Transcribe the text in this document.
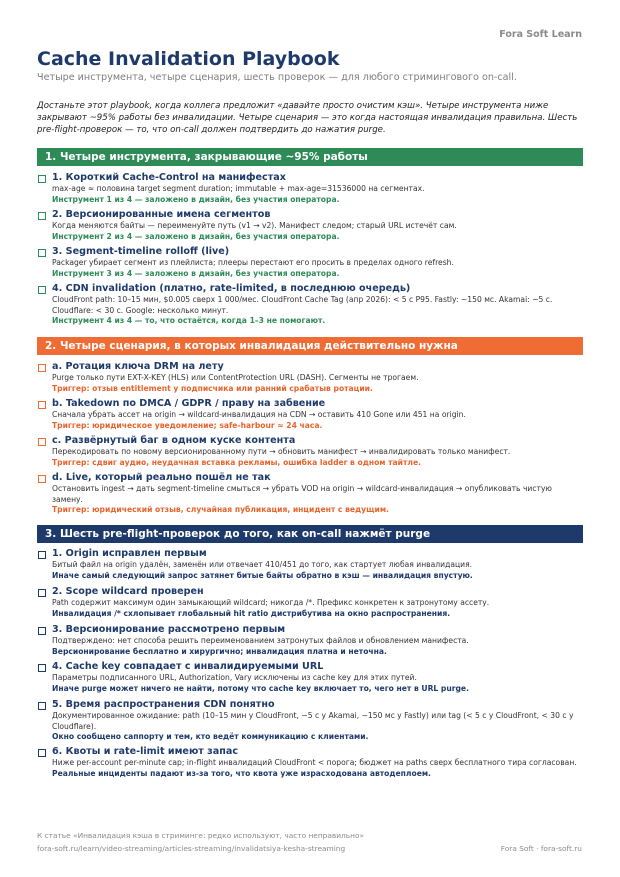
Fora Soft Learn
Cache Invalidation Playbook
Четыре инструмента, четыре сценария, шесть проверок — для любого стримингового on-call.
Достаньте этот playbook, когда коллега предложит «давайте просто очистим кэш». Четыре инструмента ниже закрывают ~95% работы без инвалидации. Четыре сценария — это когда настоящая инвалидация правильна. Шесть pre-flight-проверок — то, что on-call должен подтвердить до нажатия purge.
1. Четыре инструмента, закрывающие ~95% работы
1. Короткий Cache-Control на манифестах
max-age ≈ половина target segment duration; immutable + max-age=31536000 на сегментах.
Инструмент 1 из 4 — заложено в дизайн, без участия оператора.
2. Версионированные имена сегментов
Когда меняются байты — переименуйте путь (v1 → v2). Манифест следом; старый URL истечёт сам.
Инструмент 2 из 4 — заложено в дизайн, без участия оператора.
3. Segment-timeline rolloff (live)
Packager убирает сегмент из плейлиста; плееры перестают его просить в пределах одного refresh.
Инструмент 3 из 4 — заложено в дизайн, без участия оператора.
4. CDN invalidation (платно, rate-limited, в последнюю очередь)
CloudFront path: 10–15 мин, $0.005 сверх 1 000/мес. CloudFront Cache Tag (апр 2026): < 5 с P95. Fastly: ~150 мс. Akamai: ~5 с. Cloudflare: < 30 с. Google: несколько минут.
Инструмент 4 из 4 — то, что остаётся, когда 1–3 не помогают.
2. Четыре сценария, в которых инвалидация действительно нужна
a. Ротация ключа DRM на лету
Purge только пути EXT-X-KEY (HLS) или ContentProtection URL (DASH). Сегменты не трогаем.
Триггер: отзыв entitlement у подписчика или ранний срабатыв ротации.
b. Takedown по DMCA / GDPR / праву на забвение
Сначала убрать ассет на origin → wildcard-инвалидация на CDN → оставить 410 Gone или 451 на origin.
Триггер: юридическое уведомление; safe-harbour ≈ 24 часа.
c. Развёрнутый баг в одном куске контента
Перекодировать по новому версионированному пути → обновить манифест → инвалидировать только манифест.
Триггер: сдвиг аудио, неудачная вставка рекламы, ошибка ladder в одном тайтле.
d. Live, который реально пошёл не так
Остановить ingest → дать segment-timeline смыться → убрать VOD на origin → wildcard-инвалидация → опубликовать чистую замену.
Триггер: юридический отзыв, случайная публикация, инцидент с ведущим.
3. Шесть pre-flight-проверок до того, как on-call нажмёт purge
1. Origin исправлен первым
Битый файл на origin удалён, заменён или отвечает 410/451 до того, как стартует любая инвалидация.
Иначе самый следующий запрос затянет битые байты обратно в кэш — инвалидация впустую.
2. Scope wildcard проверен
Path содержит максимум один замыкающий wildcard; никогда /*. Префикс конкретен к затронутому ассету.
Инвалидация /* схлопывает глобальный hit ratio дистрибутива на окно распространения.
3. Версионирование рассмотрено первым
Подтверждено: нет способа решить переименованием затронутых файлов и обновлением манифеста.
Версионирование бесплатно и хирургично; инвалидация платна и неточна.
4. Cache key совпадает с инвалидируемыми URL
Параметры подписанного URL, Authorization, Vary исключены из cache key для этих путей.
Иначе purge может ничего не найти, потому что cache key включает то, чего нет в URL purge.
5. Время распространения CDN понятно
Документированное ожидание: path (10–15 мин у CloudFront, ~5 с у Akamai, ~150 мс у Fastly) или tag (< 5 с у CloudFront, < 30 с у Cloudflare).
Окно сообщено саппорту и тем, кто ведёт коммуникацию с клиентами.
6. Квоты и rate-limit имеют запас
Ниже per-account per-minute cap; in-flight инвалидаций CloudFront < порога; бюджет на paths сверх бесплатного тира согласован.
Реальные инциденты падают из-за того, что квота уже израсходована автодеплоем.
К статье «Инвалидация кэша в стриминге: редко используют, часто неправильно»
fora-soft.ru/learn/video-streaming/articles-streaming/invalidatsiya-kesha-streaming	Fora Soft · fora-soft.ru
